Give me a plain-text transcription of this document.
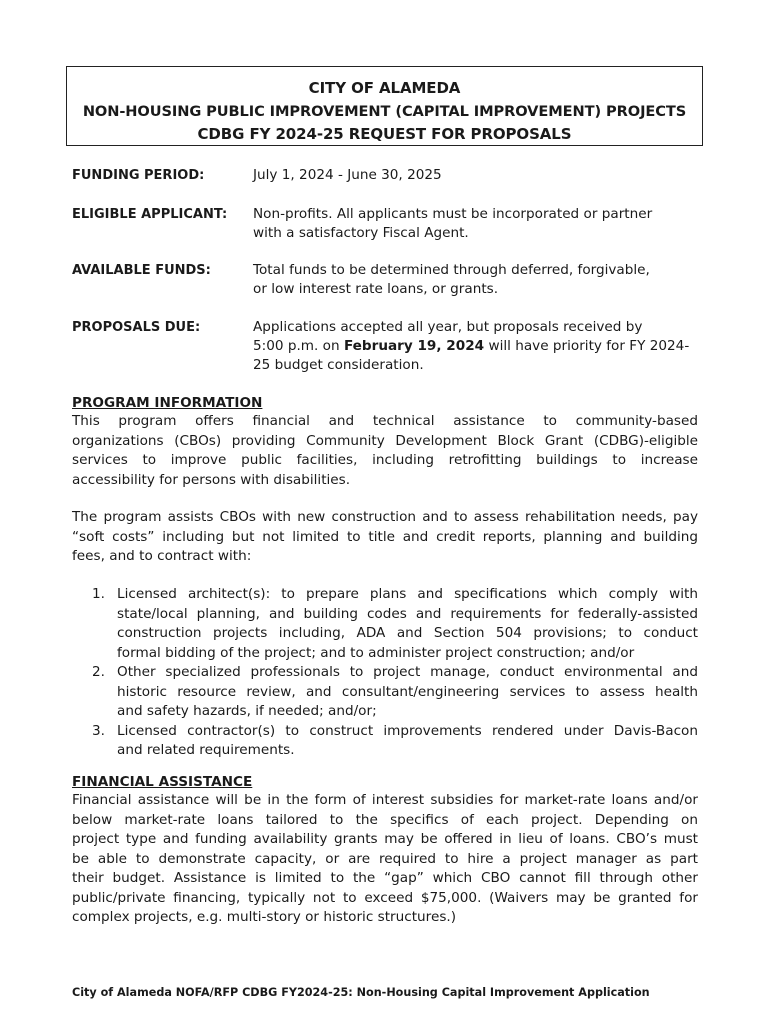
CITY OF ALAMEDA
NON-HOUSING PUBLIC IMPROVEMENT (CAPITAL IMPROVEMENT) PROJECTS
CDBG FY 2024-25 REQUEST FOR PROPOSALS
FUNDING PERIOD:	July 1, 2024 - June 30, 2025
ELIGIBLE APPLICANT: Non-profits. All applicants must be incorporated or partner
with a satisfactory Fiscal Agent.
AVAILABLE FUNDS:	Total funds to be determined through deferred, forgivable,
or low interest rate loans, or grants.
PROPOSALS DUE:	Applications accepted all year, but proposals received by
5:00 p.m. on February 19, 2024 will have priority for FY 2024-
25 budget consideration.
PROGRAM INFORMATION
This program offers financial and technical assistance to community-based
organizations (CBOs) providing Community Development Block Grant (CDBG)-eligible
services to improve public facilities, including retrofitting buildings to increase
accessibility for persons with disabilities.
The program assists CBOs with new construction and to assess rehabilitation needs, pay
“soft costs” including but not limited to title and credit reports, planning and building
fees, and to contract with:
1. Licensed architect(s): to prepare plans and specifications which comply with
state/local planning, and building codes and requirements for federally-assisted
construction projects including, ADA and Section 504 provisions; to conduct
formal bidding of the project; and to administer project construction; and/or
2. Other specialized professionals to project manage, conduct environmental and
historic resource review, and consultant/engineering services to assess health
and safety hazards, if needed; and/or;
3. Licensed contractor(s) to construct improvements rendered under Davis-Bacon
and related requirements.
FINANCIAL ASSISTANCE
Financial assistance will be in the form of interest subsidies for market-rate loans and/or
below market-rate loans tailored to the specifics of each project. Depending on
project type and funding availability grants may be offered in lieu of loans. CBO’s must
be able to demonstrate capacity, or are required to hire a project manager as part
their budget. Assistance is limited to the “gap” which CBO cannot fill through other
public/private financing, typically not to exceed $75,000. (Waivers may be granted for
complex projects, e.g. multi-story or historic structures.)
City of Alameda NOFA/RFP CDBG FY2024-25: Non-Housing Capital Improvement Application
